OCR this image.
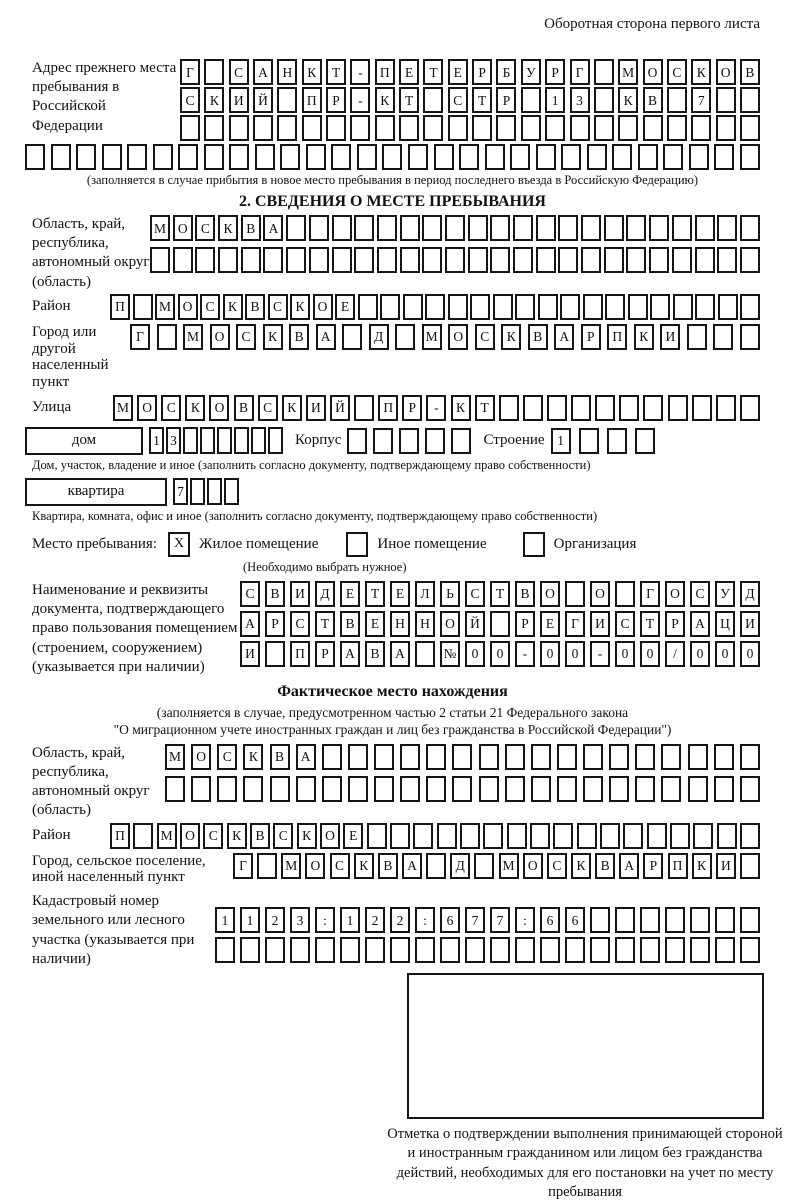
Оборотная сторона первого листа
Адрес прежнего места пребывания в Российской Федерации
Г	С	А	Н	К	Т	-	П	Е	Т	Е	Р	Б	У	Р	Г	М О	С	К	О	В
С	К	И	Й	П	Р	-	К	Т	С	Т	Р	1	3	К	В	7
(заполняется в случае прибытия в новое место пребывания в период последнего въезда в Российскую Федерацию)
2. СВЕДЕНИЯ О МЕСТЕ ПРЕБЫВАНИЯ
Область, край, республика, автономный округ (область)
М О С	К	В А
Район	П	М О С К В С К О	Е
Город или другой населенный пункт
Г	М	О	С	К	В	А	Д	М	О	С	К	В	А	Р	П	К	И
Улица	М О	С	К	О	В	С	К	И	Й	П	Р	-	К	Т
дом	1 3	Корпус	Строение 1
Дом, участок, владение и иное (заполнить согласно документу, подтверждающему право собственности)
квартира	7
Квартира, комната, офис и иное (заполнить согласно документу, подтверждающему право собственности)
Место пребывания:	X Жилое помещение	Иное помещение	Организация
(Необходимо выбрать нужное)
Наименование и реквизиты документа, подтверждающего право пользования помещением (строением, сооружением) (указывается при наличии)
С	В	И	Д	Е	Т	Е	Л	Ь	С	Т	В	О	О	Г	О	С	У	Д
А	Р	С	Т	В	Е	Н	Н	О	Й	Р	Е	Г	И	С	Т	Р	А	Ц	И
И	П	Р	А	В	А	№	0	0	-	0	0	-	0	0	/	0	0	0
Фактическое место нахождения
(заполняется в случае, предусмотренном частью 2 статьи 21 Федерального закона
"О миграционном учете иностранных граждан и лиц без гражданства в Российской Федерации")
Область, край, республика, автономный округ (область)
М	О	С	К	В	А
Район	П	М О	С	К	В	С	К	О	Е
Город, сельское поселение, иной населенный пункт
Г	М О	С	К	В	А	Д	М О	С	К	В	А	Р	П	К	И
Кадастровый номер земельного или лесного участка (указывается при наличии)
1	1	2	3	:	1	2	2	:	6	7	7	:	6	6
Отметка о подтверждении выполнения принимающей стороной и иностранным гражданином или лицом без гражданства действий, необходимых для его постановки на учет по месту пребывания
